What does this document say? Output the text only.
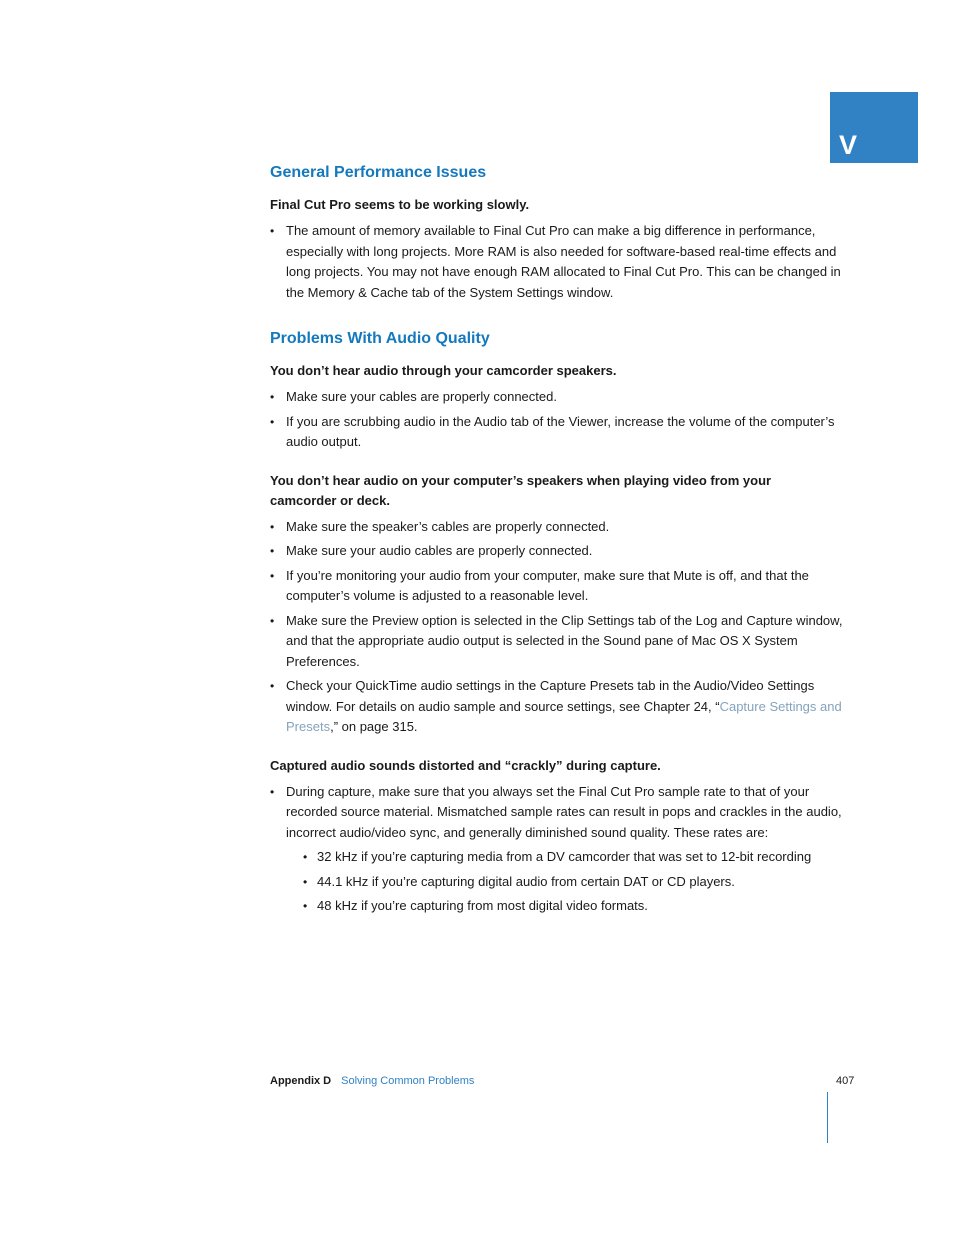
V
General Performance Issues
Final Cut Pro seems to be working slowly.
• The amount of memory available to Final Cut Pro can make a big difference in performance, especially with long projects. More RAM is also needed for software-based real-time effects and long projects. You may not have enough RAM allocated to Final Cut Pro. This can be changed in the Memory & Cache tab of the System Settings window.
Problems With Audio Quality
You don’t hear audio through your camcorder speakers.
• Make sure your cables are properly connected.
• If you are scrubbing audio in the Audio tab of the Viewer, increase the volume of the computer’s audio output.
You don’t hear audio on your computer’s speakers when playing video from your camcorder or deck.
• Make sure the speaker’s cables are properly connected.
• Make sure your audio cables are properly connected.
• If you’re monitoring your audio from your computer, make sure that Mute is off, and that the computer’s volume is adjusted to a reasonable level.
• Make sure the Preview option is selected in the Clip Settings tab of the Log and Capture window, and that the appropriate audio output is selected in the Sound pane of Mac OS X System Preferences.
• Check your QuickTime audio settings in the Capture Presets tab in the Audio/Video Settings window. For details on audio sample and source settings, see Chapter 24, “Capture Settings and Presets,” on page 315.
Captured audio sounds distorted and “crackly” during capture.
• During capture, make sure that you always set the Final Cut Pro sample rate to that of your recorded source material. Mismatched sample rates can result in pops and crackles in the audio, incorrect audio/video sync, and generally diminished sound quality. These rates are:
• 32 kHz if you’re capturing media from a DV camcorder that was set to 12-bit recording
• 44.1 kHz if you’re capturing digital audio from certain DAT or CD players.
• 48 kHz if you’re capturing from most digital video formats.
Appendix D Solving Common Problems	407
